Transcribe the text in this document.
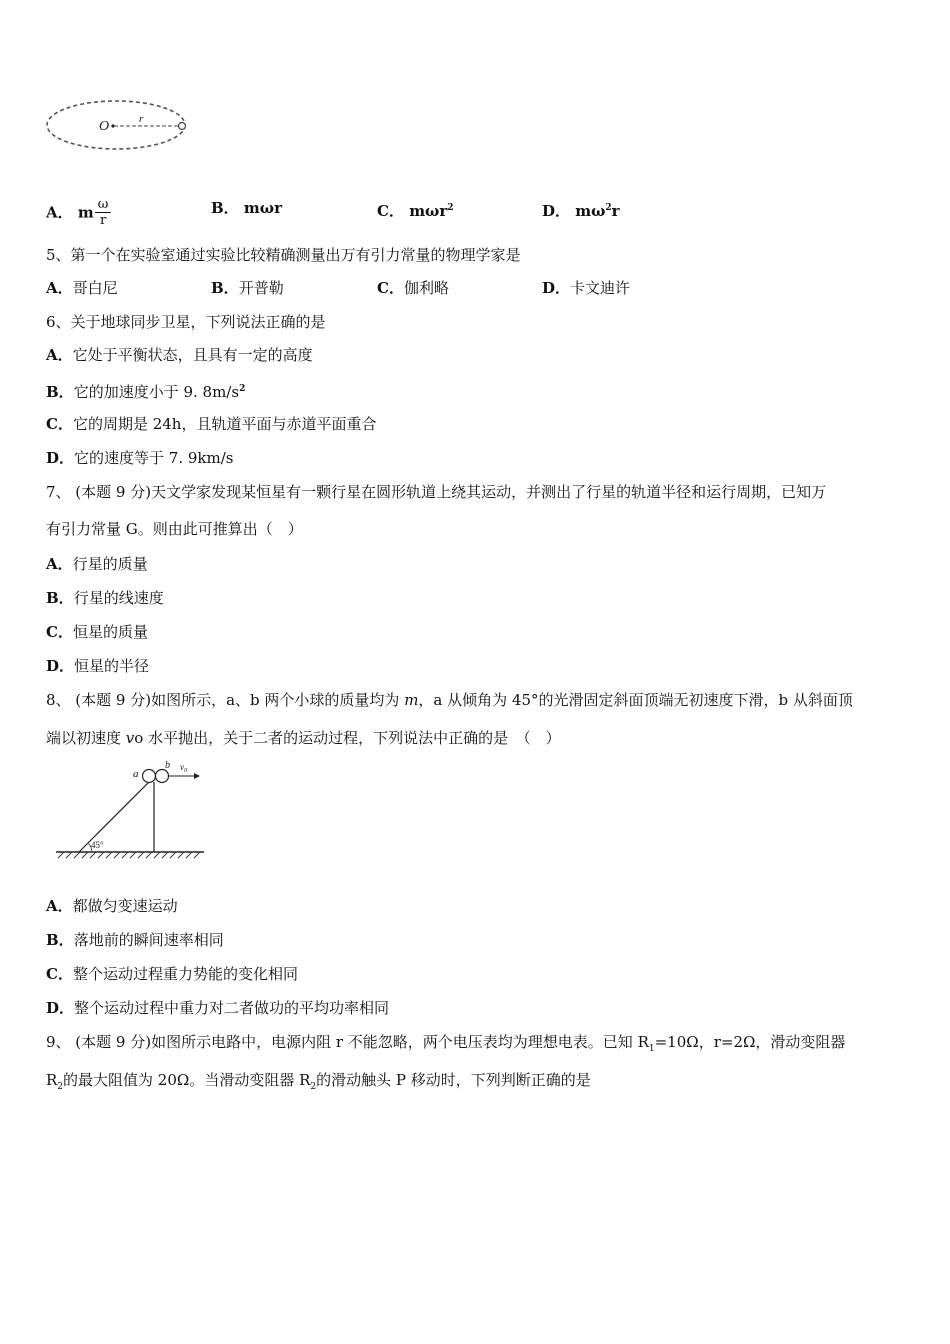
O	r
A． m $\frac{\omega}{r}$	B． mωr	C． mωr$^2$	D． $m\omega^2r$
5、第一个在实验室通过实验比较精确测量出万有引力常量的物理学家是
A．哥白尼	B．开普勒	C．伽利略	D．卡文迪许
6、关于地球同步卫星，下列说法正确的是
A．它处于平衡状态，且具有一定的高度
B．它的加速度小于 9. $8m/s^2$
C．它的周期是 24h，且轨道平面与赤道平面重合
D．它的速度等于 7. 9km/s
7、 (本题 9 分)天文学家发现某恒星有一颗行星在圆形轨道上绕其运动，并测出了行星的轨道半径和运行周期，已知万
有引力常量 G。则由此可推算出（　）
A．行星的质量
B．行星的线速度
C．恒星的质量
D．恒星的半径
8、 (本题 9 分)如图所示，a、b 两个小球的质量均为 m，a 从倾角为 45°的光滑固定斜面顶端无初速度下滑，b 从斜面顶
端以初速度 vo 水平抛出，关于二者的运动过程，下列说法中正确的是　（　）
45°
a
b $v_0$
A．都做匀变速运动
B．落地前的瞬间速率相同
C．整个运动过程重力势能的变化相同
D．整个运动过程中重力对二者做功的平均功率相同
9、 (本题 9 分)如图所示电路中，电源内阻 r 不能忽略，两个电压表均为理想电表。已知 $R_1=10\Omega$，r=2Ω，滑动变阻器
$R_2$的最大阻值为 20Ω。当滑动变阻器 $R_2$的滑动触头 P 移动时，下列判断正确的是
